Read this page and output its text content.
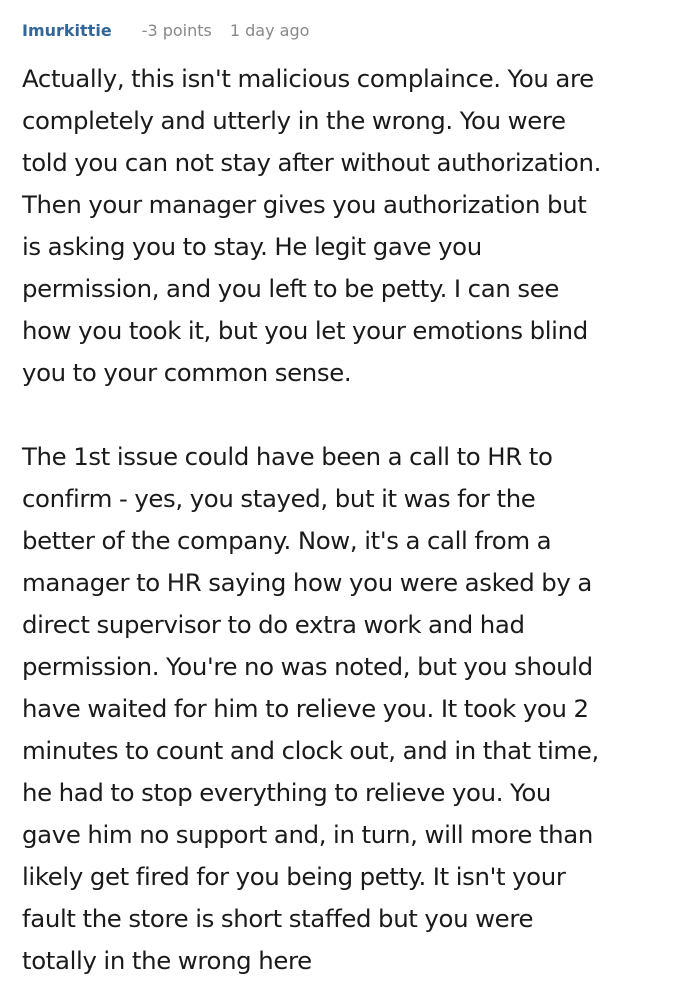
Imurkittie -3 points 1 day ago

Actually, this isn't malicious complaince. You are
completely and utterly in the wrong. You were
told you can not stay after without authorization.
Then your manager gives you authorization but
is asking you to stay. He legit gave you
permission, and you left to be petty. I can see
how you took it, but you let your emotions blind
you to your common sense.

The 1st issue could have been a call to HR to
confirm - yes, you stayed, but it was for the
better of the company. Now, it's a call from a
manager to HR saying how you were asked by a
direct supervisor to do extra work and had
permission. You're no was noted, but you should
have waited for him to relieve you. It took you 2
minutes to count and clock out, and in that time,
he had to stop everything to relieve you. You
gave him no support and, in turn, will more than
likely get fired for you being petty. It isn't your
fault the store is short staffed but you were
totally in the wrong here
